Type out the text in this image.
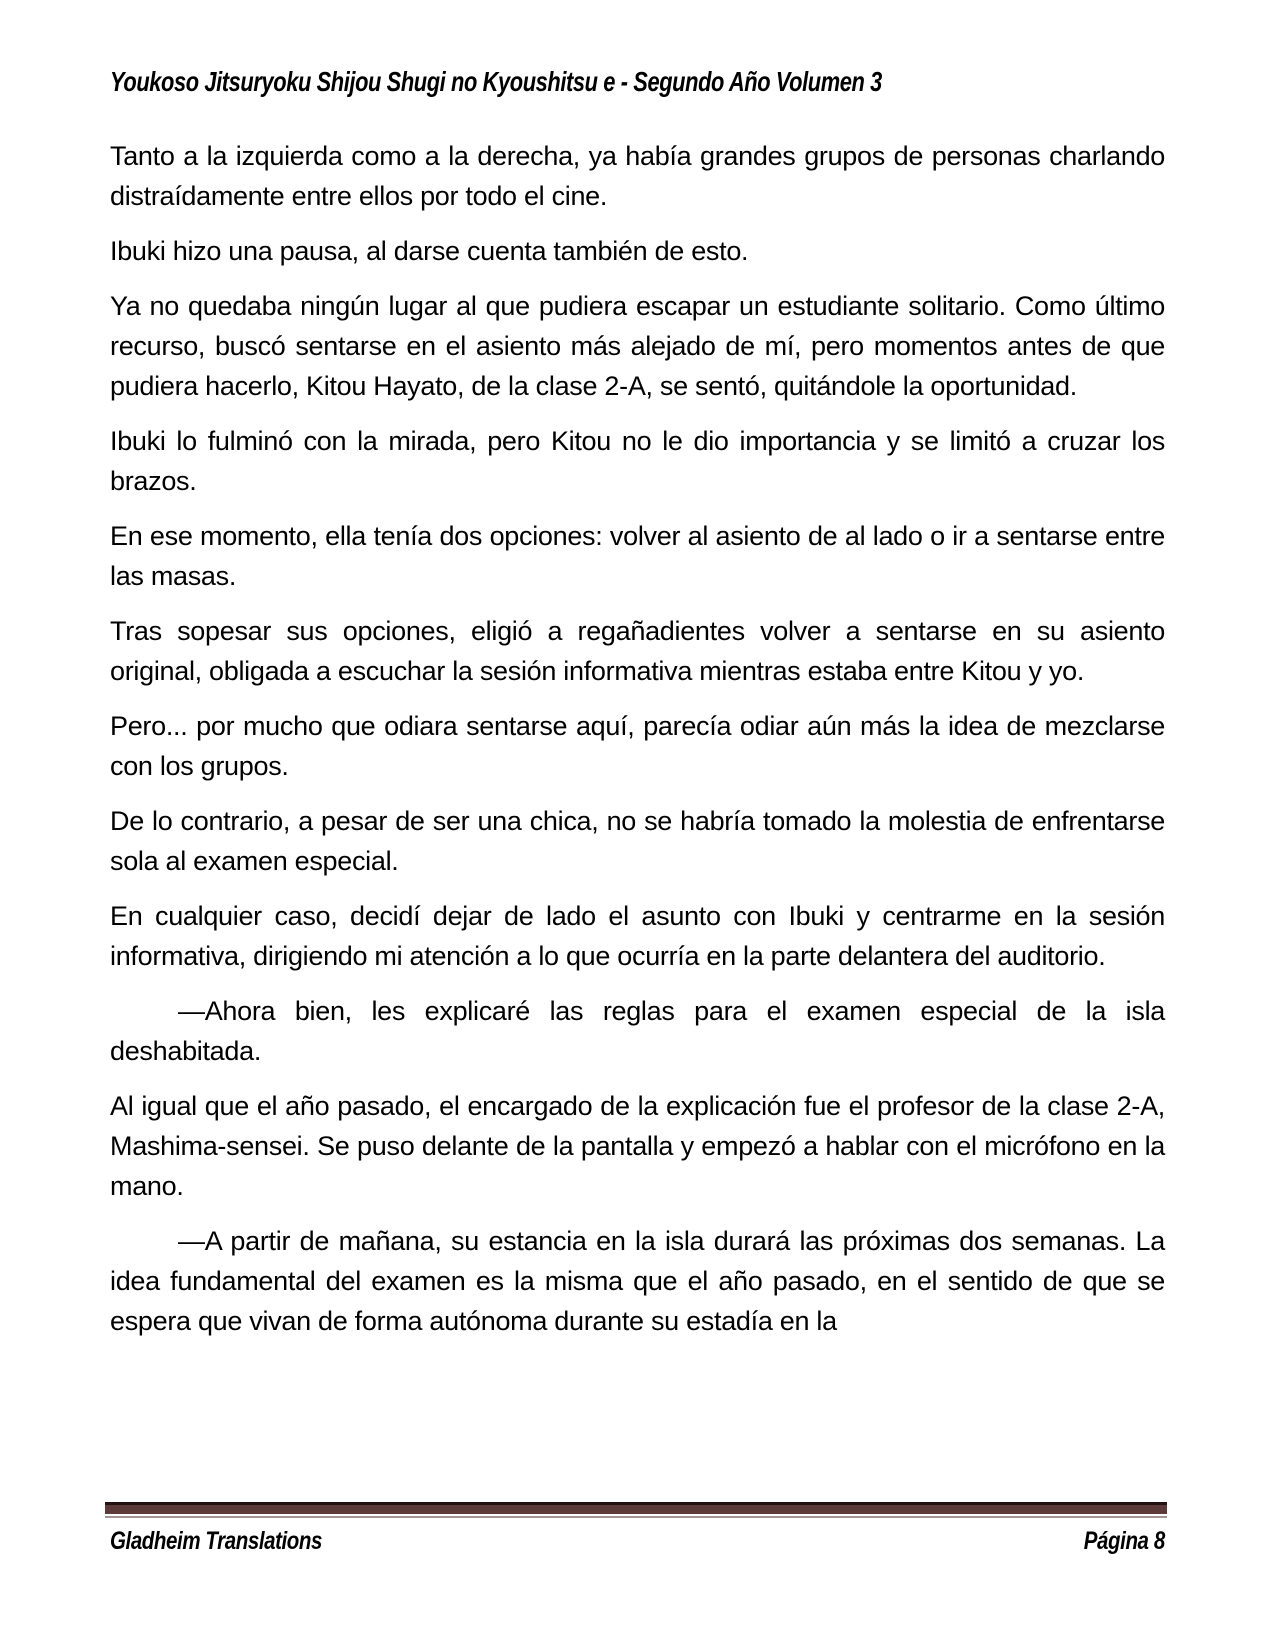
Youkoso Jitsuryoku Shijou Shugi no Kyoushitsu e - Segundo Año Volumen 3

Tanto a la izquierda como a la derecha, ya había grandes grupos de personas charlando distraídamente entre ellos por todo el cine.

Ibuki hizo una pausa, al darse cuenta también de esto.

Ya no quedaba ningún lugar al que pudiera escapar un estudiante solitario. Como último recurso, buscó sentarse en el asiento más alejado de mí, pero momentos antes de que pudiera hacerlo, Kitou Hayato, de la clase 2-A, se sentó, quitándole la oportunidad.

Ibuki lo fulminó con la mirada, pero Kitou no le dio importancia y se limitó a cruzar los brazos.

En ese momento, ella tenía dos opciones: volver al asiento de al lado o ir a sentarse entre las masas.

Tras sopesar sus opciones, eligió a regañadientes volver a sentarse en su asiento original, obligada a escuchar la sesión informativa mientras estaba entre Kitou y yo.

Pero... por mucho que odiara sentarse aquí, parecía odiar aún más la idea de mezclarse con los grupos.

De lo contrario, a pesar de ser una chica, no se habría tomado la molestia de enfrentarse sola al examen especial.

En cualquier caso, decidí dejar de lado el asunto con Ibuki y centrarme en la sesión informativa, dirigiendo mi atención a lo que ocurría en la parte delantera del auditorio.

—Ahora bien, les explicaré las reglas para el examen especial de la isla deshabitada.

Al igual que el año pasado, el encargado de la explicación fue el profesor de la clase 2-A, Mashima-sensei. Se puso delante de la pantalla y empezó a hablar con el micrófono en la mano.

—A partir de mañana, su estancia en la isla durará las próximas dos semanas. La idea fundamental del examen es la misma que el año pasado, en el sentido de que se espera que vivan de forma autónoma durante su estadía en la

Gladheim Translations	Página 8
